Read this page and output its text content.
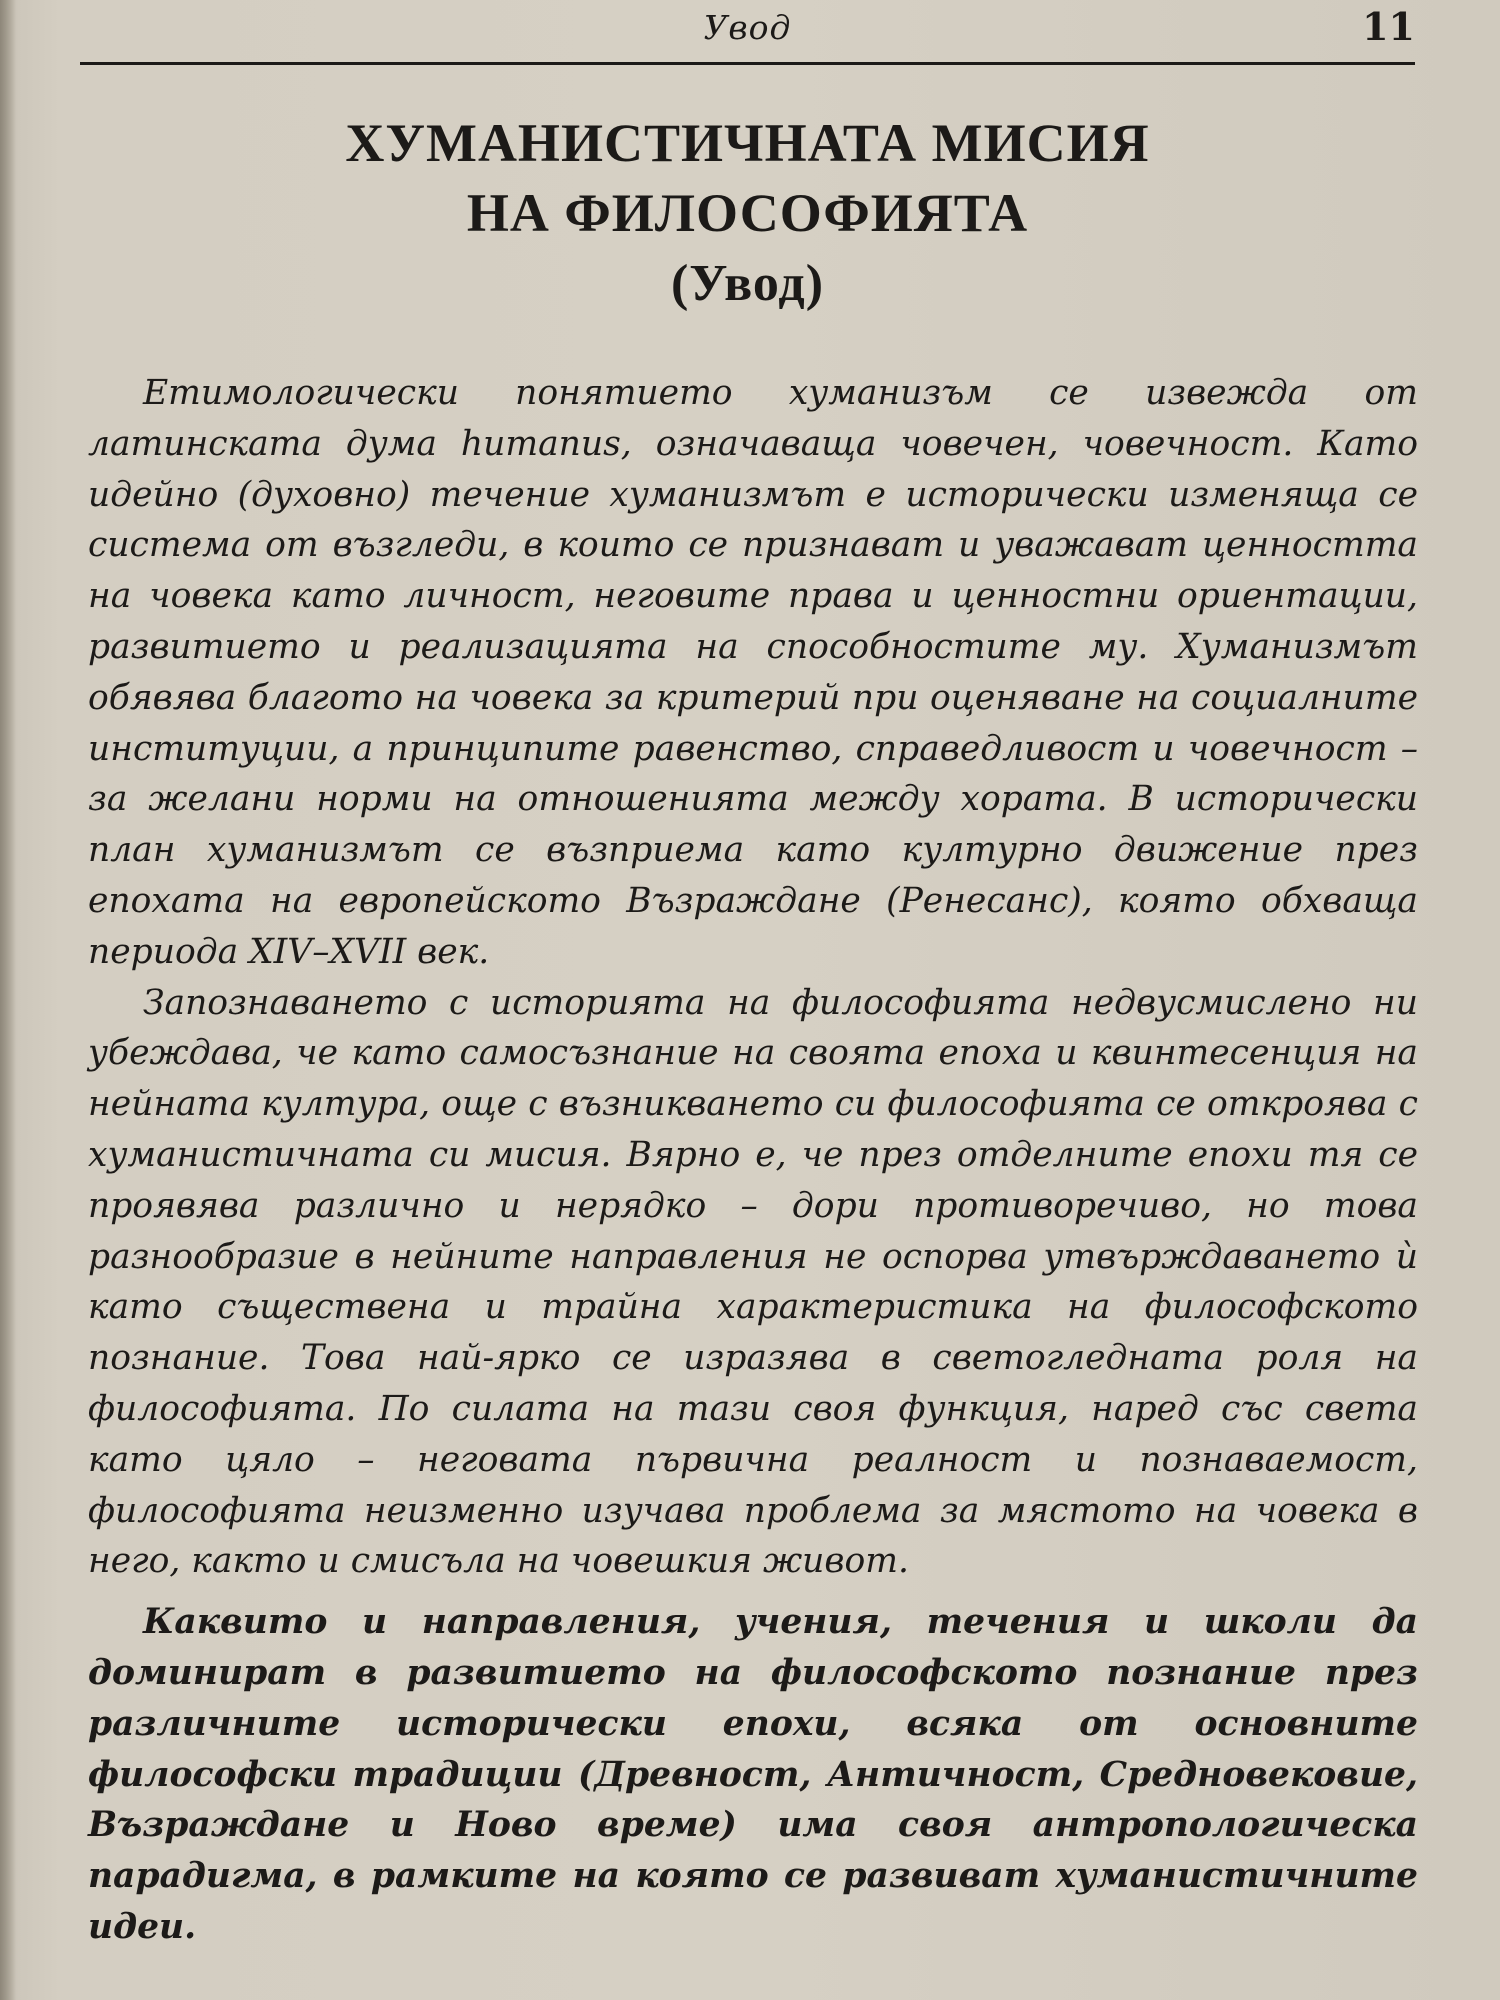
Увод	11
ХУМАНИСТИЧНАТА МИСИЯ
НА ФИЛОСОФИЯТА
(Увод)

Етимологически понятието хуманизъм се извежда от латинската дума humanus, означаваща човечен, човечност. Като идейно (духовно) течение хуманизмът е исторически изменяща се система от възгледи, в които се признават и уважават ценността на човека като личност, неговите права и ценностни ориентации, развитието и реализацията на способностите му. Хуманизмът обявява благото на човека за критерий при оценяване на социалните институции, а принципите равенство, справедливост и човечност – за желани норми на отношенията между хората. В исторически план хуманизмът се възприема като културно движение през епохата на европейското Възраждане (Ренесанс), която обхваща периода XIV–XVII век.

Запознаването с историята на философията недвусмислено ни убеждава, че като самосъзнание на своята епоха и квинтесенция на нейната култура, още с възникването си философията се откроява с хуманистичната си мисия. Вярно е, че през отделните епохи тя се проявява различно и нерядко – дори противоречиво, но това разнообразие в нейните направления не оспорва утвърждаването ѝ като съществена и трайна характеристика на философското познание. Това най-ярко се изразява в светогледната роля на философията. По силата на тази своя функция, наред със света като цяло – неговата първична реалност и познаваемост, философията неизменно изучава проблема за мястото на човека в него, както и смисъла на човешкия живот.

Каквито и направления, учения, течения и школи да доминират в развитието на философското познание през различните исторически епохи, всяка от основните философски традиции (Древност, Античност, Средновековие, Възраждане и Ново време) има своя антропологическа парадигма, в рамките на която се развиват хуманистичните идеи.
